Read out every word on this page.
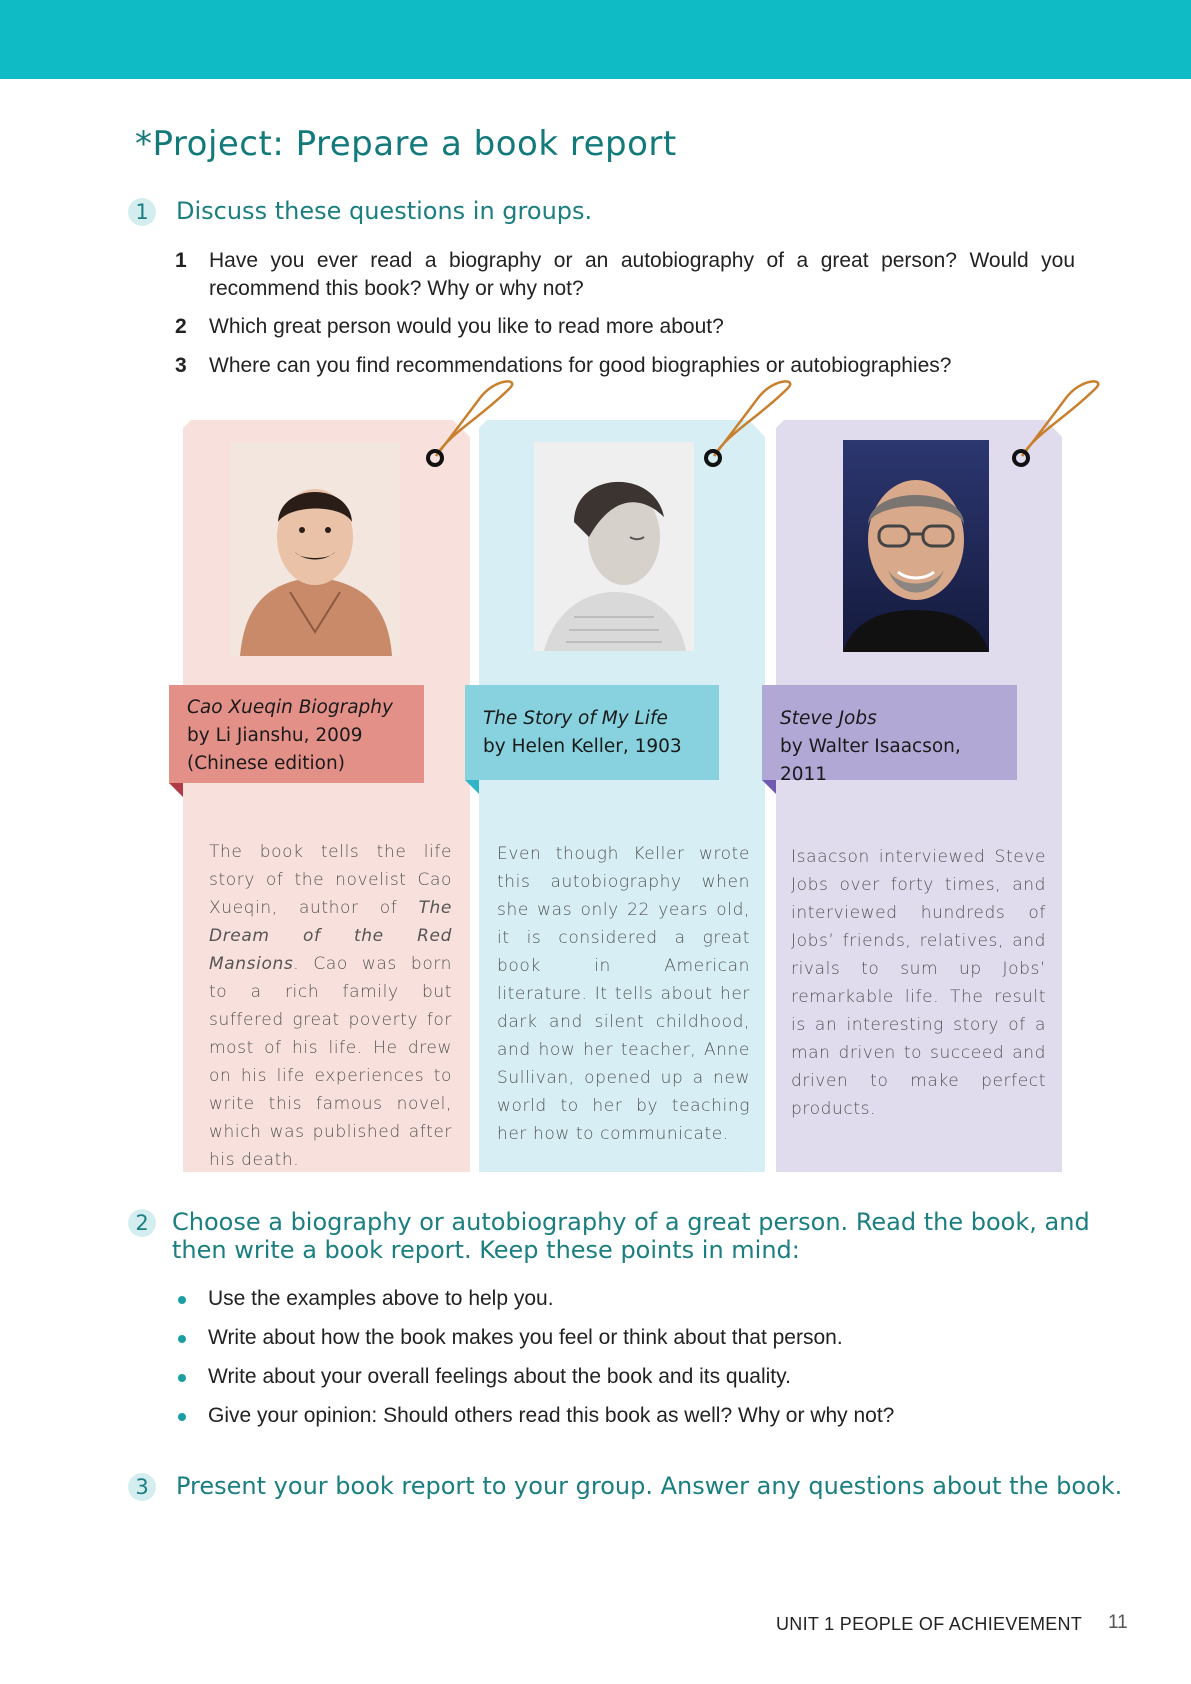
*Project: Prepare a book report
1	Discuss these questions in groups.
1 Have you ever read a biography or an autobiography of a great person? Would you recommend this book? Why or why not?
2 Which great person would you like to read more about?
3 Where can you find recommendations for good biographies or autobiographies?
Cao Xueqin Biography
by Li Jianshu, 2009
(Chinese edition)
The Story of My Life
by Helen Keller, 1903
Steve Jobs
by Walter Isaacson, 2011
The book tells the life story of the novelist Cao Xueqin, author of The Dream of the Red Mansions. Cao was born to a rich family but suffered great poverty for most of his life. He drew on his life experiences to write this famous novel, which was published after his death.
Even though Keller wrote this autobiography when she was only 22 years old, it is considered a great book in American literature. It tells about her dark and silent childhood, and how her teacher, Anne Sullivan, opened up a new world to her by teaching her how to communicate.
Isaacson interviewed Steve Jobs over forty times, and interviewed hundreds of Jobs’ friends, relatives, and rivals to sum up Jobs’ remarkable life. The result is an interesting story of a man driven to succeed and driven to make perfect products.
2 Choose a biography or autobiography of a great person. Read the book, and then write a book report. Keep these points in mind:
Use the examples above to help you.
Write about how the book makes you feel or think about that person.
Write about your overall feelings about the book and its quality.
Give your opinion: Should others read this book as well? Why or why not?
3	Present your book report to your group. Answer any questions about the book.
UNIT 1 PEOPLE OF ACHIEVEMENT 11
